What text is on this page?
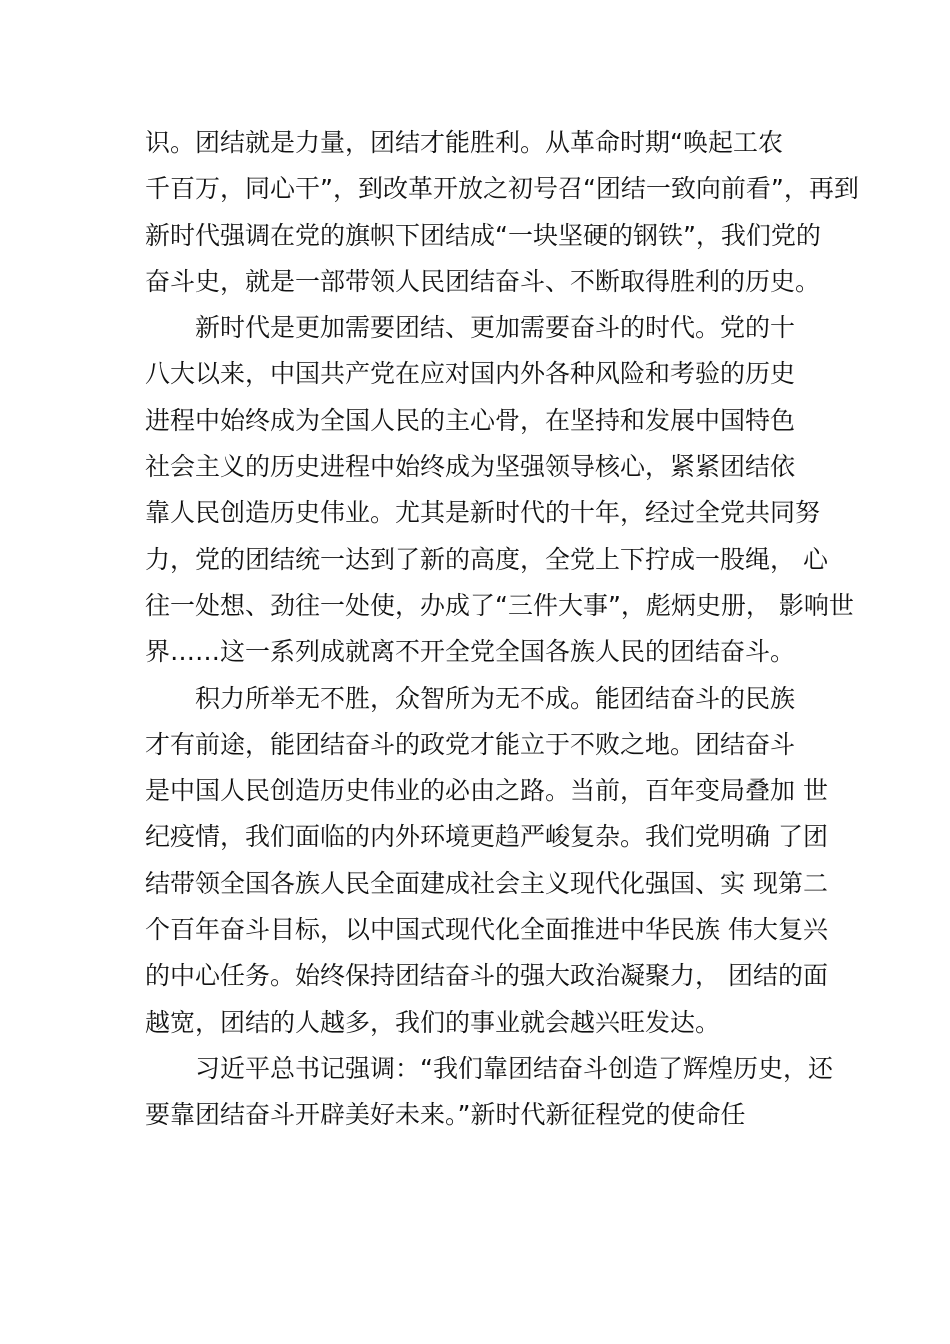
识。团结就是力量，团结才能胜利。从革命时期“唤起工农
千百万，同心干”，到改革开放之初号召“团结一致向前看”，再到
新时代强调在党的旗帜下团结成“一块坚硬的钢铁”，我们党的
奋斗史，就是一部带领人民团结奋斗、不断取得胜利的历史。
新时代是更加需要团结、更加需要奋斗的时代。党的十
八大以来，中国共产党在应对国内外各种风险和考验的历史
进程中始终成为全国人民的主心骨，在坚持和发展中国特色
社会主义的历史进程中始终成为坚强领导核心，紧紧团结依
靠人民创造历史伟业。尤其是新时代的十年，经过全党共同努
力，党的团结统一达到了新的高度，全党上下拧成一股绳， 心
往一处想、劲往一处使，办成了“三件大事”，彪炳史册， 影响世
界……这一系列成就离不开全党全国各族人民的团结奋斗。
积力所举无不胜，众智所为无不成。能团结奋斗的民族
才有前途，能团结奋斗的政党才能立于不败之地。团结奋斗
是中国人民创造历史伟业的必由之路。当前，百年变局叠加 世
纪疫情，我们面临的内外环境更趋严峻复杂。我们党明确 了团
结带领全国各族人民全面建成社会主义现代化强国、实 现第二
个百年奋斗目标，以中国式现代化全面推进中华民族 伟大复兴
的中心任务。始终保持团结奋斗的强大政治凝聚力， 团结的面
越宽，团结的人越多，我们的事业就会越兴旺发达。
习近平总书记强调：“我们靠团结奋斗创造了辉煌历史，还
要靠团结奋斗开辟美好未来。”新时代新征程党的使命任
